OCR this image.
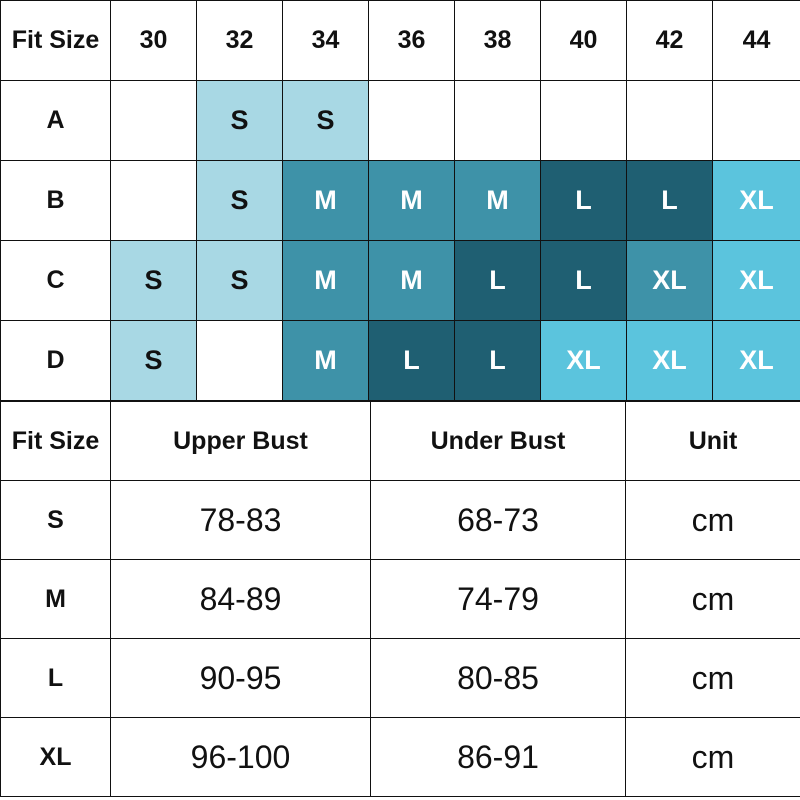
Fit Size	30	32	34	36	38	40	42	44
A		S	S					
B		S	M	M	M	L	L	XL
C	S	S	M	M	L	L	XL	XL
D	S		M	L	L	XL	XL	XL
Fit Size	Upper Bust	Under Bust	Unit
S	78-83	68-73	cm
M	84-89	74-79	cm
L	90-95	80-85	cm
XL	96-100	86-91	cm
